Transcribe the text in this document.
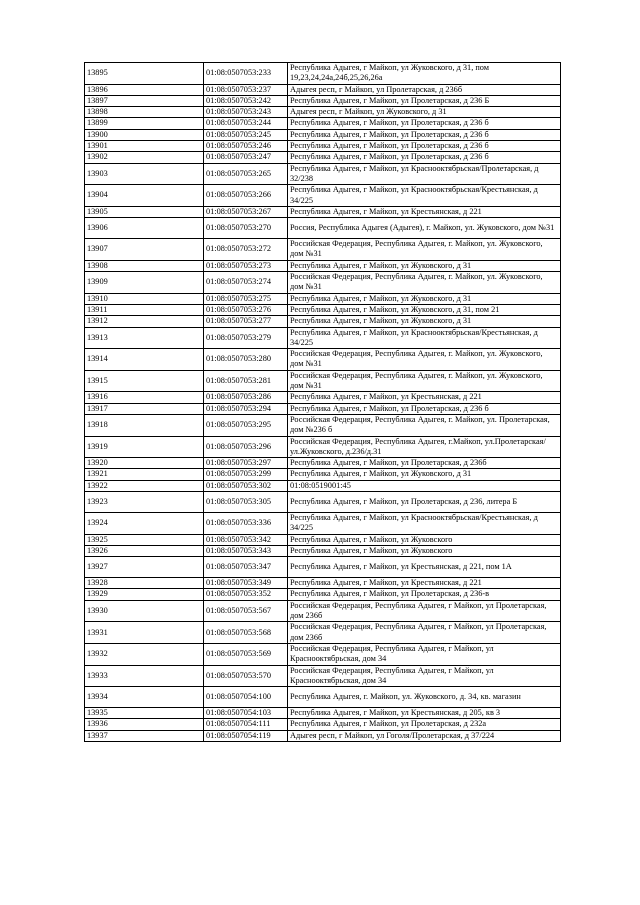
13895	01:08:0507053:233	Республика Адыгея, г Майкоп, ул Жуковского, д 31, пом 19,23,24,24а,24б,25,26,26а
13896	01:08:0507053:237	Адыгея респ, г Майкоп, ул Пролетарская, д 236б
13897	01:08:0507053:242	Республика Адыгея, г Майкоп, ул Пролетарская, д 236 Б
13898	01:08:0507053:243	Адыгея респ, г Майкоп, ул Жуковского, д 31
13899	01:08:0507053:244	Республика Адыгея, г Майкоп, ул Пролетарская, д 236 б
13900	01:08:0507053:245	Республика Адыгея, г Майкоп, ул Пролетарская, д 236 б
13901	01:08:0507053:246	Республика Адыгея, г Майкоп, ул Пролетарская, д 236 б
13902	01:08:0507053:247	Республика Адыгея, г Майкоп, ул Пролетарская, д 236 б
13903	01:08:0507053:265	Республика Адыгея, г Майкоп, ул Краснооктябрьская/Пролетарская, д 32/238
13904	01:08:0507053:266	Республика Адыгея, г Майкоп, ул Краснооктябрьская/Крестьянская, д 34/225
13905	01:08:0507053:267	Республика Адыгея, г Майкоп, ул Крестьянская, д 221
13906	01:08:0507053:270	Россия, Республика Адыгея (Адыгея), г. Майкоп, ул. Жуковского, дом №31
13907	01:08:0507053:272	Российская Федерация, Республика Адыгея, г. Майкоп, ул. Жуковского, дом №31
13908	01:08:0507053:273	Республика Адыгея, г Майкоп, ул Жуковского, д 31
13909	01:08:0507053:274	Российская Федерация, Республика Адыгея, г. Майкоп, ул. Жуковского, дом №31
13910	01:08:0507053:275	Республика Адыгея, г Майкоп, ул Жуковского, д 31
13911	01:08:0507053:276	Республика Адыгея, г Майкоп, ул Жуковского, д 31, пом 21
13912	01:08:0507053:277	Республика Адыгея, г Майкоп, ул Жуковского, д 31
13913	01:08:0507053:279	Республика Адыгея, г Майкоп, ул Краснооктябрьская/Крестьянская, д 34/225
13914	01:08:0507053:280	Российская Федерация, Республика Адыгея, г. Майкоп, ул. Жуковского, дом №31
13915	01:08:0507053:281	Российская Федерация, Республика Адыгея, г. Майкоп, ул. Жуковского, дом №31
13916	01:08:0507053:286	Республика Адыгея, г Майкоп, ул Крестьянская, д 221
13917	01:08:0507053:294	Республика Адыгея, г Майкоп, ул Пролетарская, д 236 б
13918	01:08:0507053:295	Российская Федерация, Республика Адыгея, г. Майкоп, ул. Пролетарская, дом №236 б
13919	01:08:0507053:296	Российская Федерация, Республика Адыгея, г.Майкоп, ул.Пролетарская/ул.Жуковского, д.236/д.31
13920	01:08:0507053:297	Республика Адыгея, г Майкоп, ул Пролетарская, д 236б
13921	01:08:0507053:299	Республика Адыгея, г Майкоп, ул Жуковского, д 31
13922	01:08:0507053:302	01:08:0519001:45
13923	01:08:0507053:305	Республика Адыгея, г Майкоп, ул Пролетарская, д 236, литера Б
13924	01:08:0507053:336	Республика Адыгея, г Майкоп, ул Краснооктябрьская/Крестьянская, д 34/225
13925	01:08:0507053:342	Республика Адыгея, г Майкоп, ул Жуковского
13926	01:08:0507053:343	Республика Адыгея, г Майкоп, ул Жуковского
13927	01:08:0507053:347	Республика Адыгея, г Майкоп, ул Крестьянская, д 221, пом 1А
13928	01:08:0507053:349	Республика Адыгея, г Майкоп, ул Крестьянская, д 221
13929	01:08:0507053:352	Республика Адыгея, г Майкоп, ул Пролетарская, д 236-в
13930	01:08:0507053:567	Российская Федерация, Республика Адыгея, г Майкоп, ул Пролетарская, дом 236б
13931	01:08:0507053:568	Российская Федерация, Республика Адыгея, г Майкоп, ул Пролетарская, дом 236б
13932	01:08:0507053:569	Российская Федерация, Республика Адыгея, г Майкоп, ул Краснооктябрьская, дом 34
13933	01:08:0507053:570	Российская Федерация, Республика Адыгея, г Майкоп, ул Краснооктябрьская, дом 34
13934	01:08:0507054:100	Республика Адыгея, г. Майкоп, ул. Жуковского, д. 34, кв. магазин
13935	01:08:0507054:103	Республика Адыгея, г Майкоп, ул Крестьянская, д 205, кв 3
13936	01:08:0507054:111	Республика Адыгея, г Майкоп, ул Пролетарская, д 232а
13937	01:08:0507054:119	Адыгея респ, г Майкоп, ул Гоголя/Пролетарская, д 37/224
